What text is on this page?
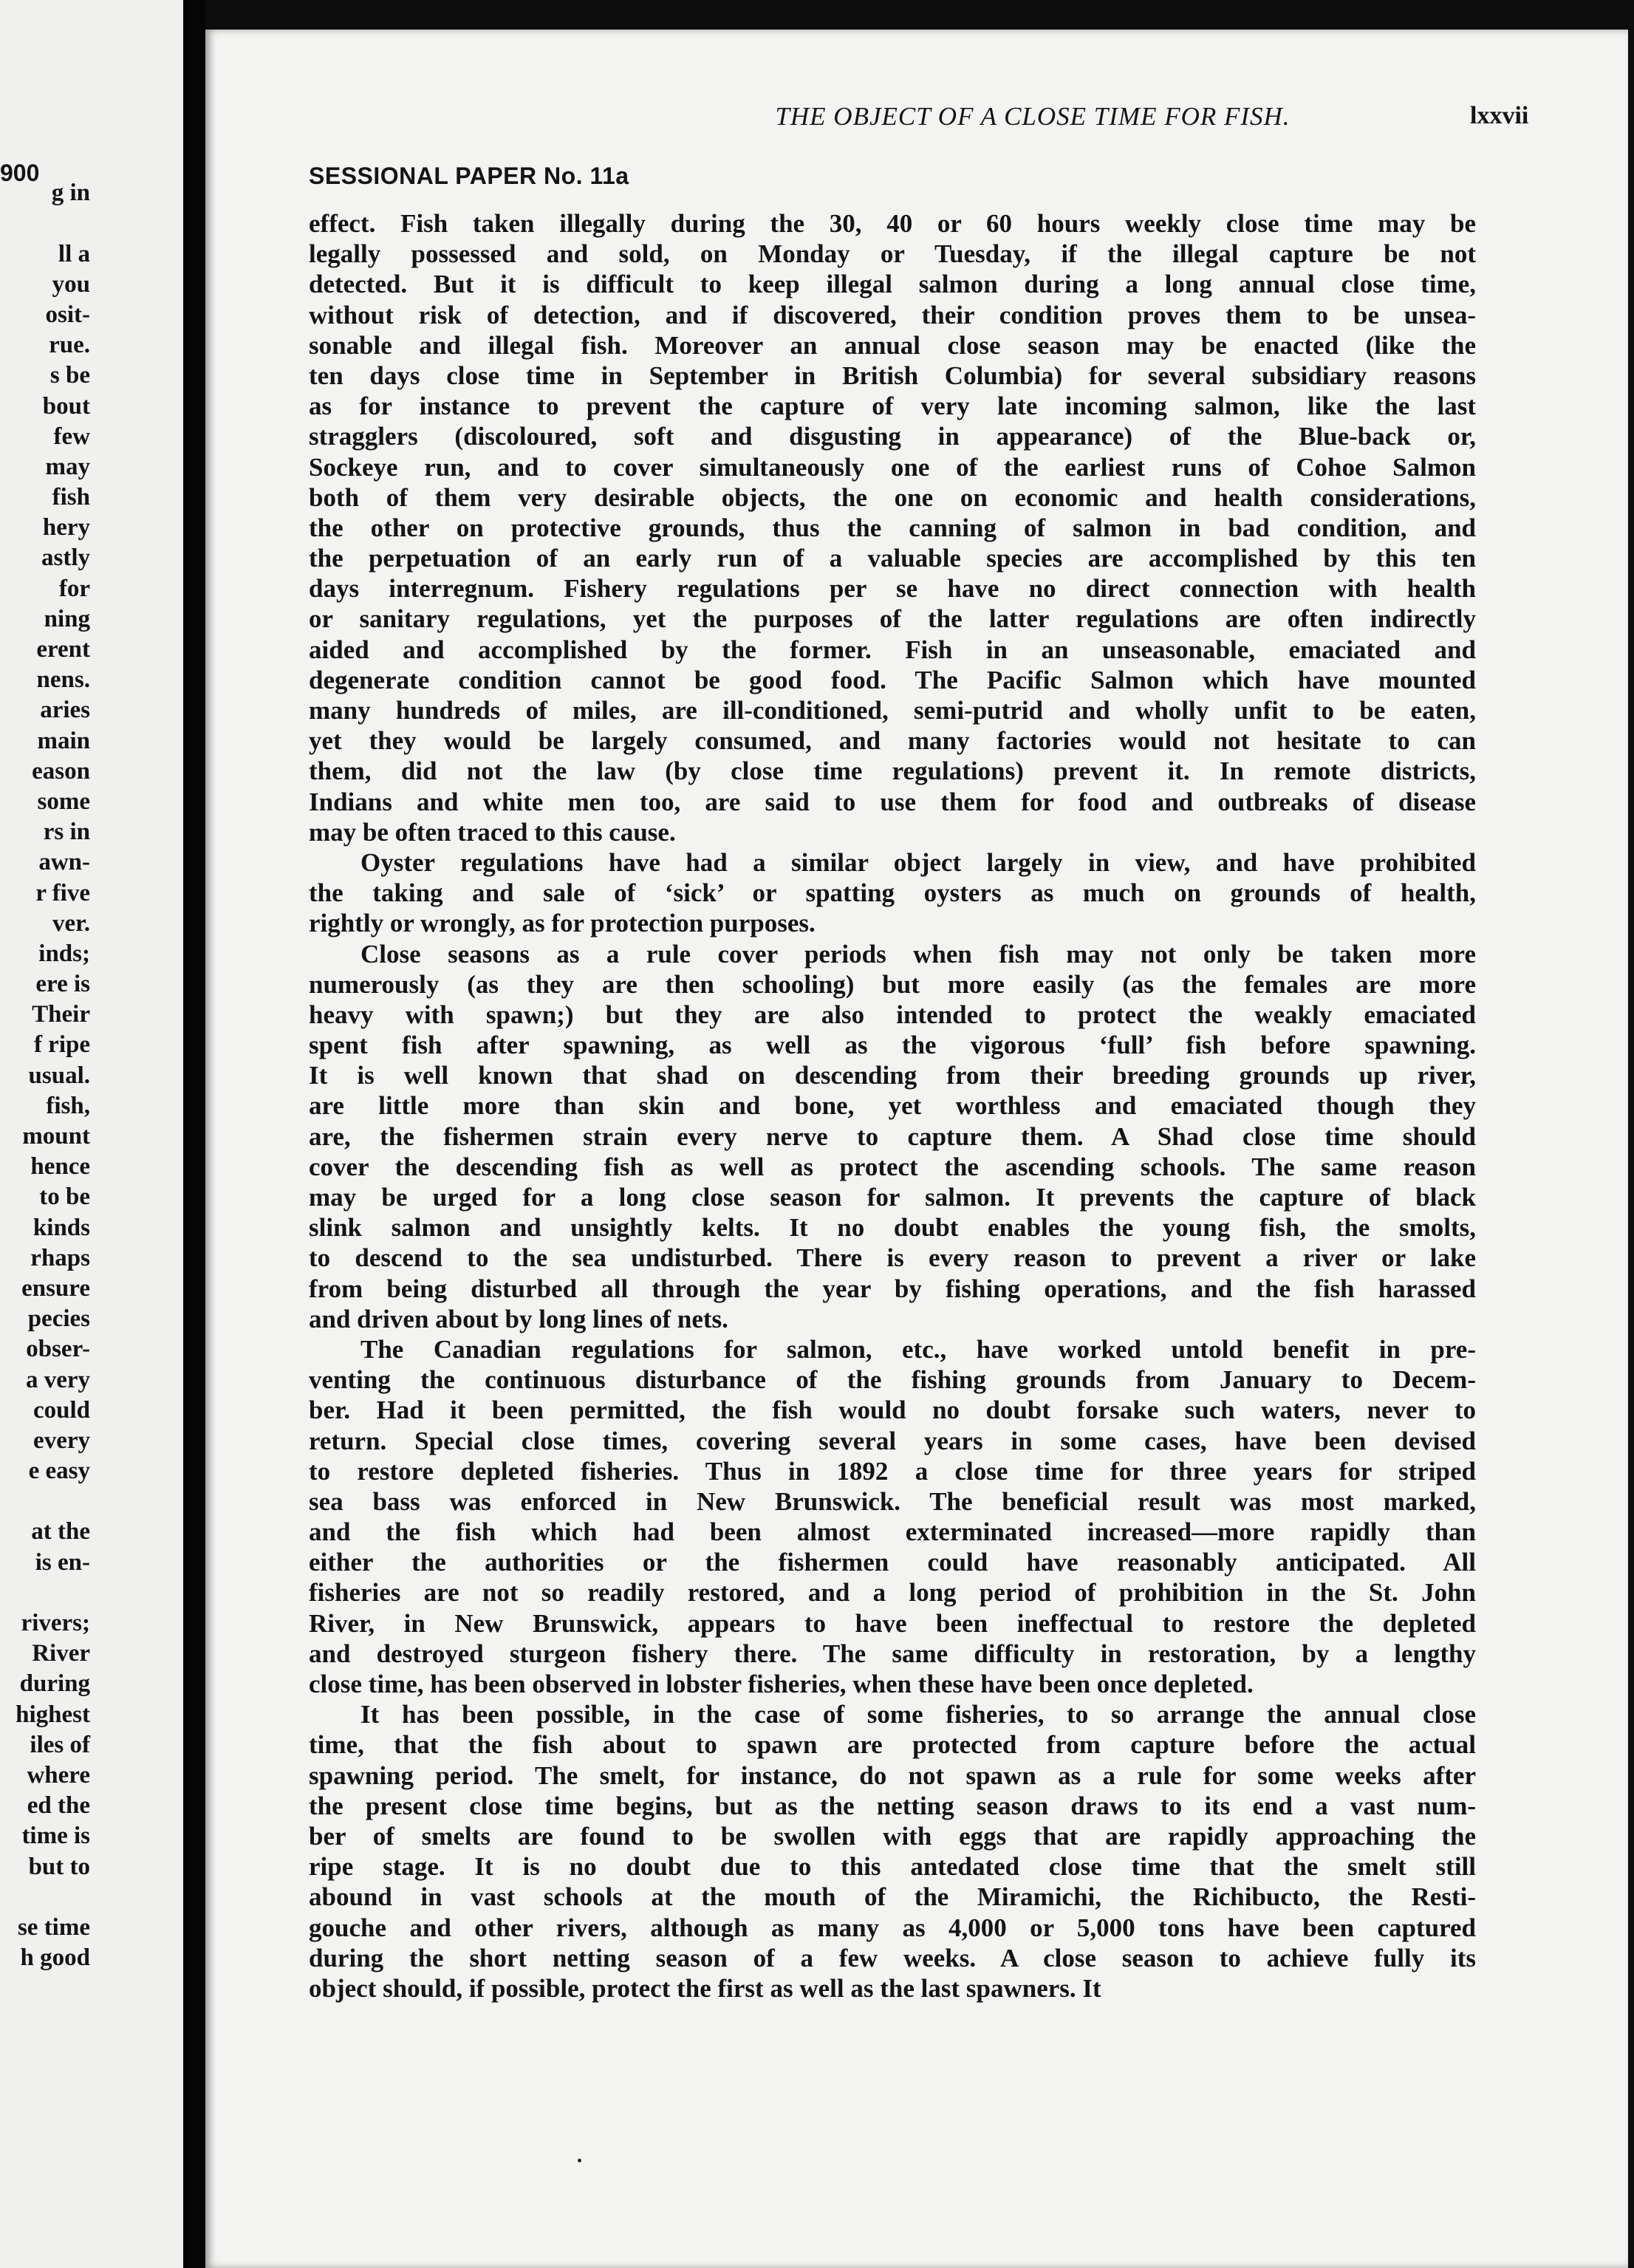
900
g in
ll a
you
osit-
rue.
s be
bout
few
may
fish
hery
astly
for
ning
erent
nens.
aries
main
eason
some
rs in
awn-
r five
ver.
inds;
ere is
Their
f ripe
usual.
fish,
mount
hence
to be
kinds
rhaps
ensure
pecies
obser-
a very
could
every
e easy
at the
is en-
rivers;
River
during
highest
iles of
where
ed the
time is
but to
se time
h good
THE OBJECT OF A CLOSE TIME FOR FISH.	lxxvii
SESSIONAL PAPER No. 11a
effect. Fish taken illegally during the 30, 40 or 60 hours weekly close time may be
legally possessed and sold, on Monday or Tuesday, if the illegal capture be not
detected. But it is difficult to keep illegal salmon during a long annual close time,
without risk of detection, and if discovered, their condition proves them to be unsea-
sonable and illegal fish. Moreover an annual close season may be enacted (like the
ten days close time in September in British Columbia) for several subsidiary reasons
as for instance to prevent the capture of very late incoming salmon, like the last
stragglers (discoloured, soft and disgusting in appearance) of the Blue-back or,
Sockeye run, and to cover simultaneously one of the earliest runs of Cohoe Salmon
both of them very desirable objects, the one on economic and health considerations,
the other on protective grounds, thus the canning of salmon in bad condition, and
the perpetuation of an early run of a valuable species are accomplished by this ten
days interregnum. Fishery regulations per se have no direct connection with health
or sanitary regulations, yet the purposes of the latter regulations are often indirectly
aided and accomplished by the former. Fish in an unseasonable, emaciated and
degenerate condition cannot be good food. The Pacific Salmon which have mounted
many hundreds of miles, are ill-conditioned, semi-putrid and wholly unfit to be eaten,
yet they would be largely consumed, and many factories would not hesitate to can
them, did not the law (by close time regulations) prevent it. In remote districts,
Indians and white men too, are said to use them for food and outbreaks of disease
may be often traced to this cause.
Oyster regulations have had a similar object largely in view, and have prohibited
the taking and sale of ‘sick’ or spatting oysters as much on grounds of health,
rightly or wrongly, as for protection purposes.
Close seasons as a rule cover periods when fish may not only be taken more
numerously (as they are then schooling) but more easily (as the females are more
heavy with spawn;) but they are also intended to protect the weakly emaciated
spent fish after spawning, as well as the vigorous ‘full’ fish before spawning.
It is well known that shad on descending from their breeding grounds up river,
are little more than skin and bone, yet worthless and emaciated though they
are, the fishermen strain every nerve to capture them. A Shad close time should
cover the descending fish as well as protect the ascending schools. The same reason
may be urged for a long close season for salmon. It prevents the capture of black
slink salmon and unsightly kelts. It no doubt enables the young fish, the smolts,
to descend to the sea undisturbed. There is every reason to prevent a river or lake
from being disturbed all through the year by fishing operations, and the fish harassed
and driven about by long lines of nets.
The Canadian regulations for salmon, etc., have worked untold benefit in pre-
venting the continuous disturbance of the fishing grounds from January to Decem-
ber. Had it been permitted, the fish would no doubt forsake such waters, never to
return. Special close times, covering several years in some cases, have been devised
to restore depleted fisheries. Thus in 1892 a close time for three years for striped
sea bass was enforced in New Brunswick. The beneficial result was most marked,
and the fish which had been almost exterminated increased—more rapidly than
either the authorities or the fishermen could have reasonably anticipated. All
fisheries are not so readily restored, and a long period of prohibition in the St. John
River, in New Brunswick, appears to have been ineffectual to restore the depleted
and destroyed sturgeon fishery there. The same difficulty in restoration, by a lengthy
close time, has been observed in lobster fisheries, when these have been once depleted.
It has been possible, in the case of some fisheries, to so arrange the annual close
time, that the fish about to spawn are protected from capture before the actual
spawning period. The smelt, for instance, do not spawn as a rule for some weeks after
the present close time begins, but as the netting season draws to its end a vast num-
ber of smelts are found to be swollen with eggs that are rapidly approaching the
ripe stage. It is no doubt due to this antedated close time that the smelt still
abound in vast schools at the mouth of the Miramichi, the Richibucto, the Resti-
gouche and other rivers, although as many as 4,000 or 5,000 tons have been captured
during the short netting season of a few weeks. A close season to achieve fully its
object should, if possible, protect the first as well as the last spawners. It
